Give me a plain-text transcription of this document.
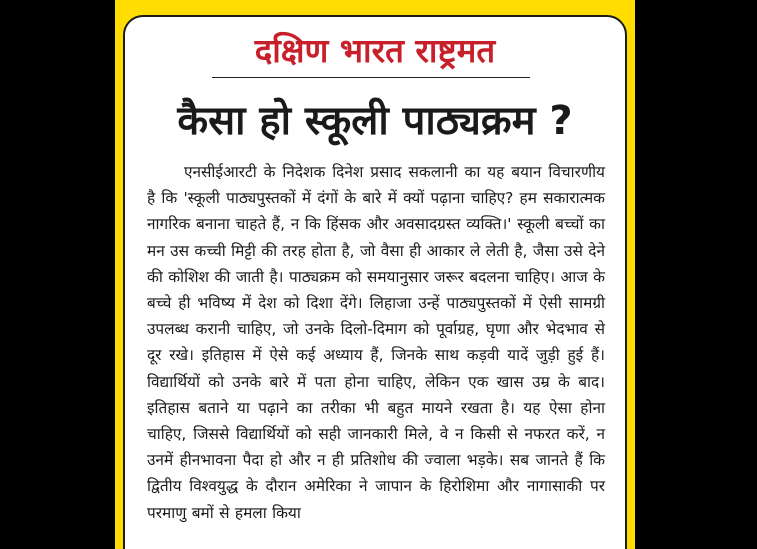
दक्षिण भारत राष्ट्रमत
कैसा हो स्कूली पाठ्यक्रम ?

एनसीईआरटी के निदेशक दिनेश प्रसाद सकलानी का यह बयान विचारणीय है कि 'स्कूली पाठ्यपुस्तकों में दंगों के बारे में क्यों पढ़ाना चाहिए? हम सकारात्मक नागरिक बनाना चाहते हैं, न कि हिंसक और अवसादग्रस्त व्यक्ति।' स्कूली बच्चों का मन उस कच्ची मिट्टी की तरह होता है, जो वैसा ही आकार ले लेती है, जैसा उसे देने की कोशिश की जाती है। पाठ्यक्रम को समयानुसार जरूर बदलना चाहिए। आज के बच्चे ही भविष्य में देश को दिशा देंगे। लिहाजा उन्हें पाठ्यपुस्तकों में ऐसी सामग्री उपलब्ध करानी चाहिए, जो उनके दिलो-दिमाग को पूर्वाग्रह, घृणा और भेदभाव से दूर रखे। इतिहास में ऐसे कई अध्याय हैं, जिनके साथ कड़वी यादें जुड़ी हुई हैं। विद्यार्थियों को उनके बारे में पता होना चाहिए, लेकिन एक खास उम्र के बाद। इतिहास बताने या पढ़ाने का तरीका भी बहुत मायने रखता है। यह ऐसा होना चाहिए, जिससे विद्यार्थियों को सही जानकारी मिले, वे न किसी से नफरत करें, न उनमें हीनभावना पैदा हो और न ही प्रतिशोध की ज्वाला भड़के। सब जानते हैं कि द्वितीय विश्वयुद्ध के दौरान अमेरिका ने जापान के हिरोशिमा और नागासाकी पर परमाणु बमों से हमला किया
